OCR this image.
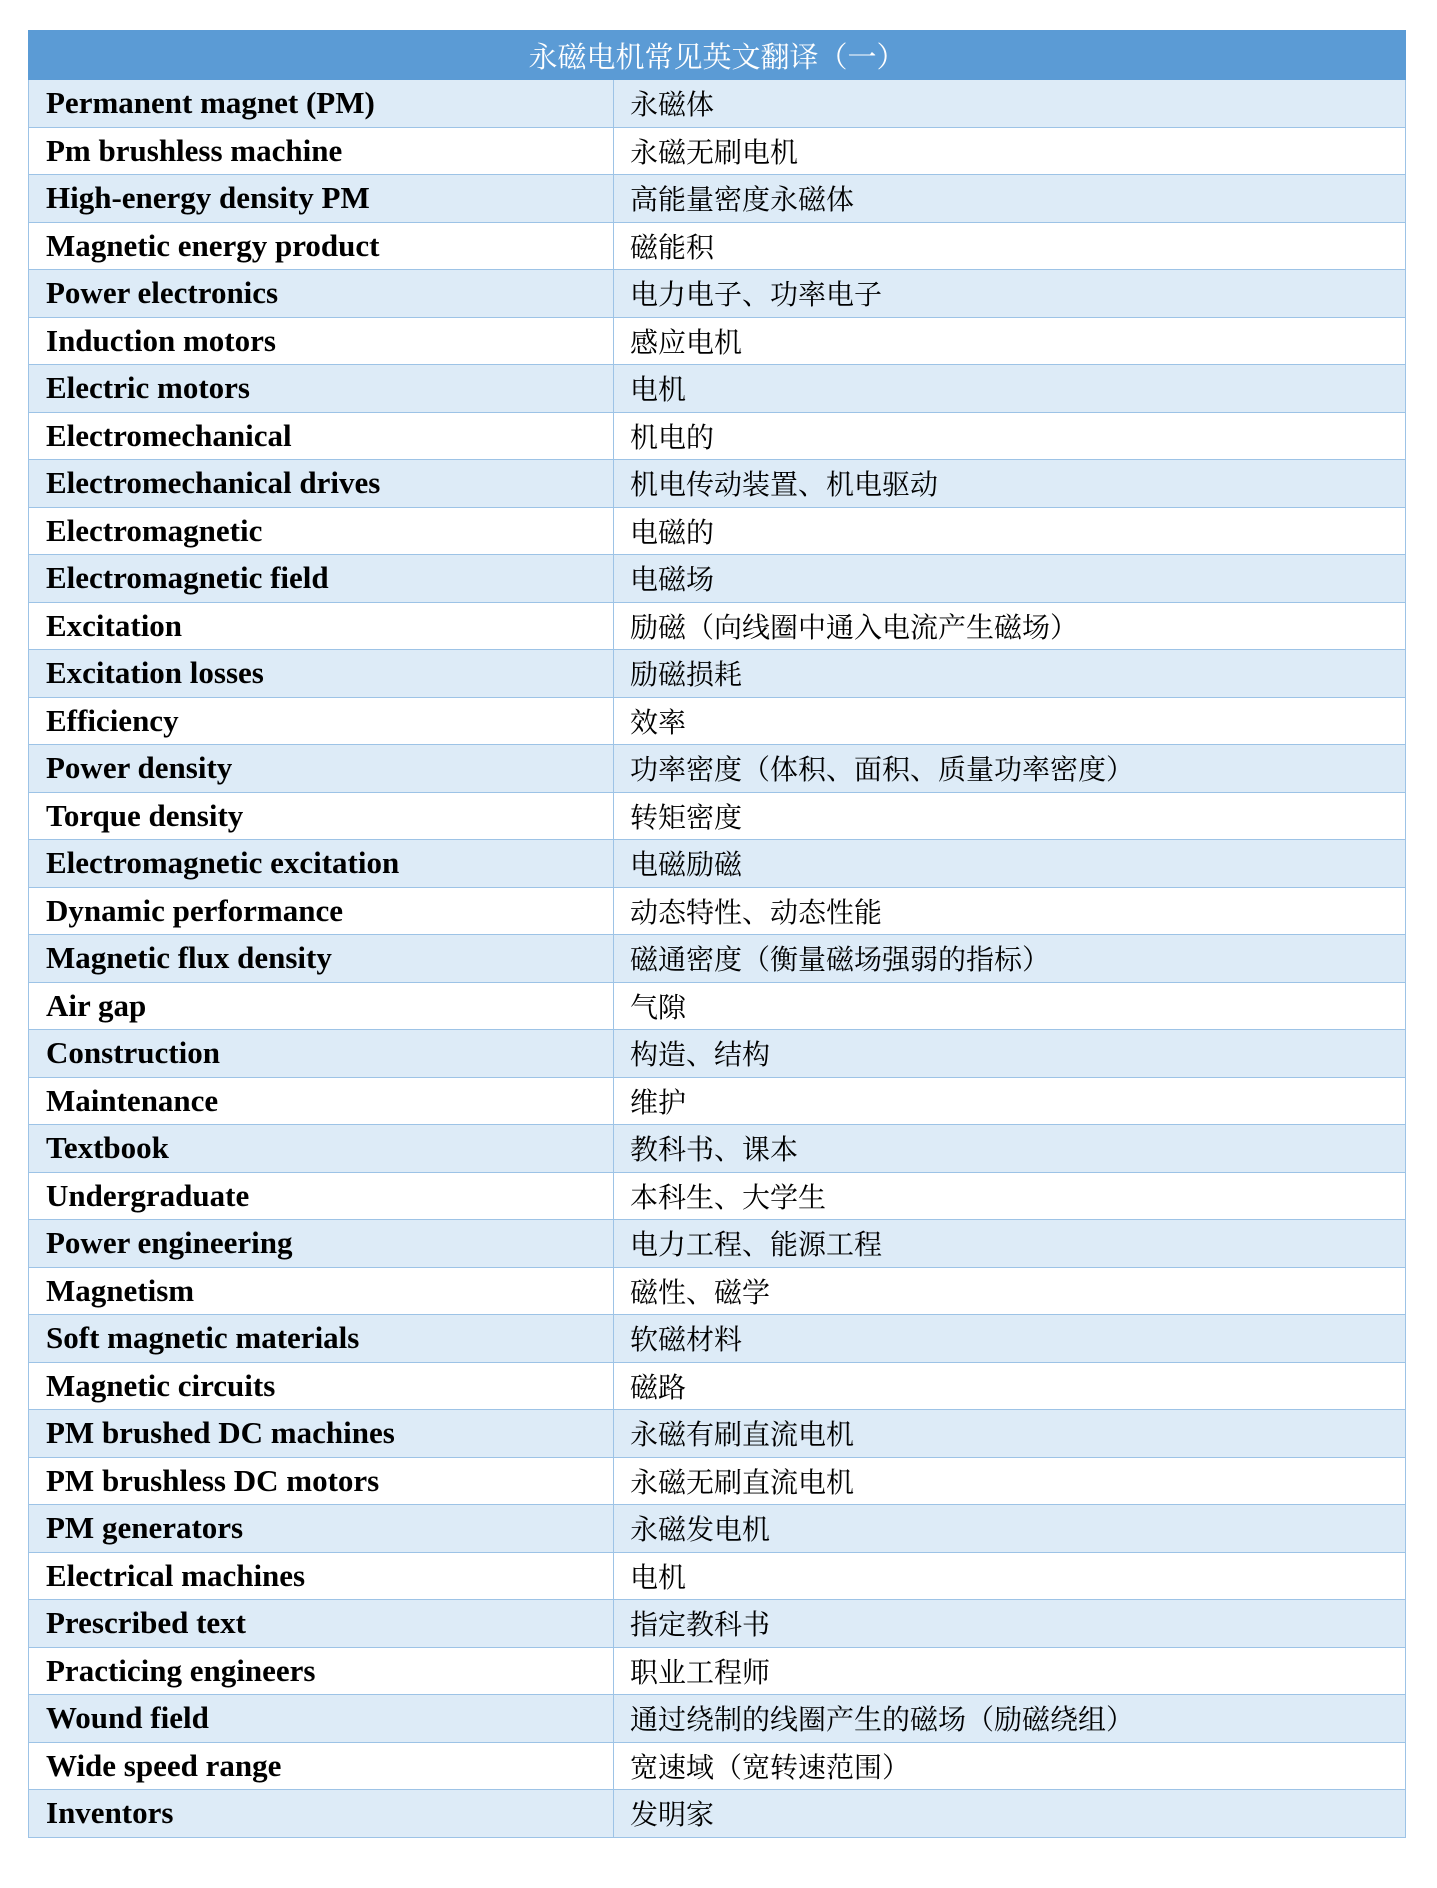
永磁电机常见英文翻译（一）	
Permanent magnet (PM)	永磁体
Pm brushless machine	永磁无刷电机
High-energy density PM	高能量密度永磁体
Magnetic energy product	磁能积
Power electronics	电力电子、功率电子
Induction motors	感应电机
Electric motors	电机
Electromechanical	机电的
Electromechanical drives	机电传动装置、机电驱动
Electromagnetic	电磁的
Electromagnetic field	电磁场
Excitation	励磁（向线圈中通入电流产生磁场）
Excitation losses	励磁损耗
Efficiency	效率
Power density	功率密度（体积、面积、质量功率密度）
Torque density	转矩密度
Electromagnetic excitation	电磁励磁
Dynamic performance	动态特性、动态性能
Magnetic flux density	磁通密度（衡量磁场强弱的指标）
Air gap	气隙
Construction	构造、结构
Maintenance	维护
Textbook	教科书、课本
Undergraduate	本科生、大学生
Power engineering	电力工程、能源工程
Magnetism	磁性、磁学
Soft magnetic materials	软磁材料
Magnetic circuits	磁路
PM brushed DC machines	永磁有刷直流电机
PM brushless DC motors	永磁无刷直流电机
PM generators	永磁发电机
Electrical machines	电机
Prescribed text	指定教科书
Practicing engineers	职业工程师
Wound field	通过绕制的线圈产生的磁场（励磁绕组）
Wide speed range	宽速域（宽转速范围）
Inventors	发明家
